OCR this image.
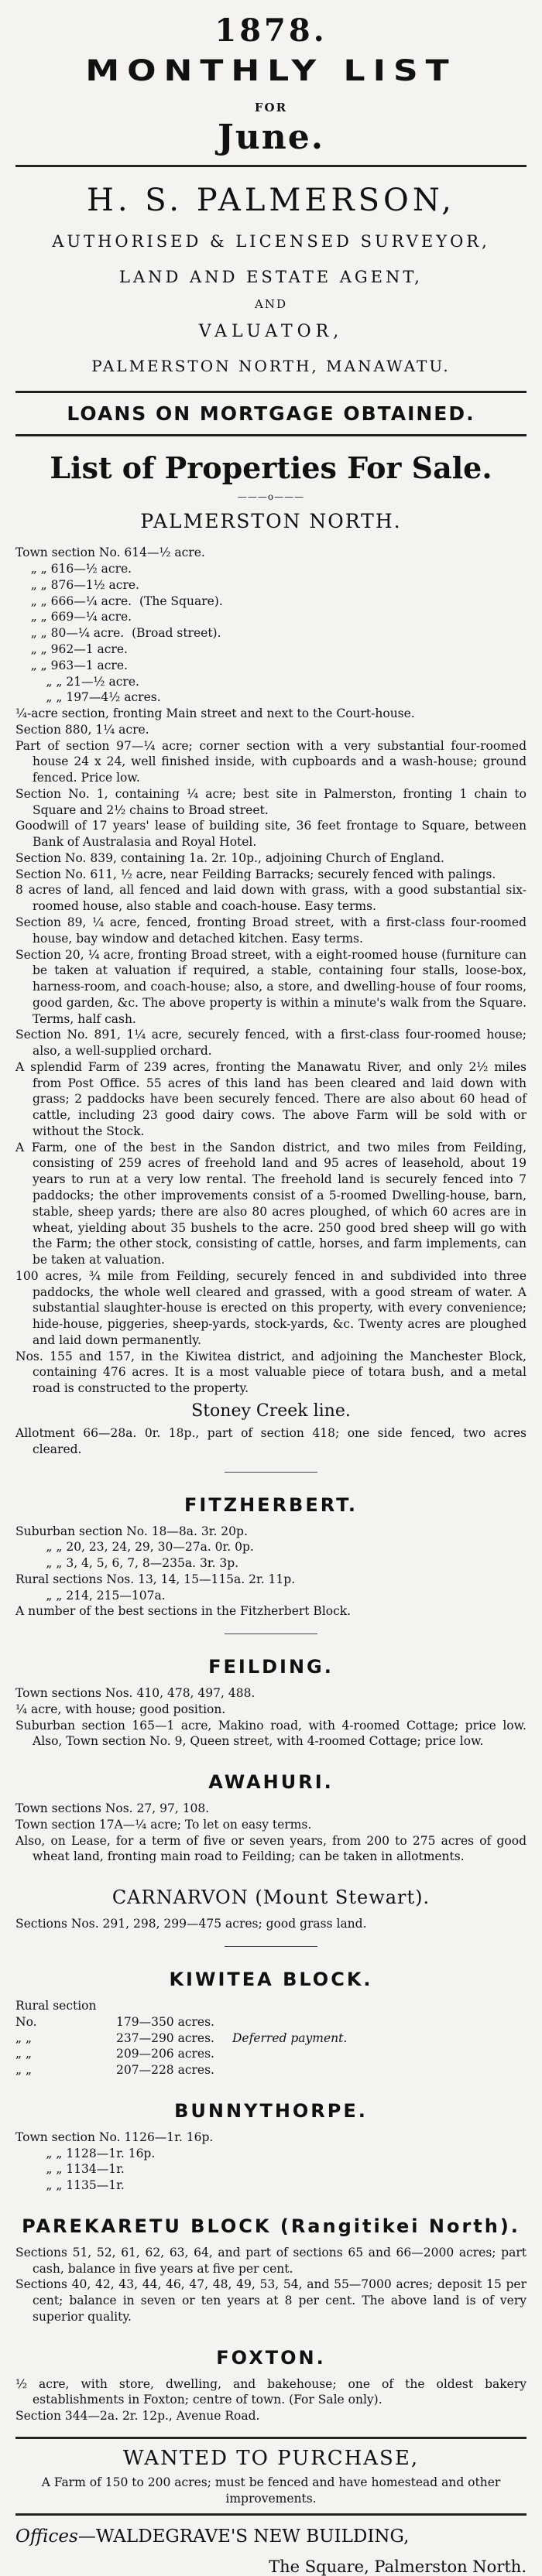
1878.

MONTHLY LIST

FOR

June.

H. S. PALMERSON,

AUTHORISED & LICENSED SURVEYOR,

LAND AND ESTATE AGENT,

AND

VALUATOR,

PALMERSTON NORTH, MANAWATU.

LOANS ON MORTGAGE OBTAINED.

List of Properties For Sale.

———o———

PALMERSTON NORTH.

Town section No. 614—½ acre.

„ „ 616—½ acre.

„ „ 876—1½ acre.

„ „ 666—¼ acre. (The Square).

„ „ 669—¼ acre.

„ „ 80—¼ acre. (Broad street).

„ „ 962—1 acre.

„ „ 963—1 acre.

„ „ 21—½ acre.

„ „ 197—4½ acres.

¼-acre section, fronting Main street and next to the Court-house.

Section 880, 1¼ acre.

Part of section 97—¼ acre; corner section with a very substantial four-roomed house 24 x 24, well finished inside, with cupboards and a wash-house; ground fenced. Price low.

Section No. 1, containing ¼ acre; best site in Palmerston, fronting 1 chain to Square and 2½ chains to Broad street.

Goodwill of 17 years' lease of building site, 36 feet frontage to Square, between Bank of Australasia and Royal Hotel.

Section No. 839, containing 1a. 2r. 10p., adjoining Church of England.

Section No. 611, ½ acre, near Feilding Barracks; securely fenced with palings.

8 acres of land, all fenced and laid down with grass, with a good substantial six-roomed house, also stable and coach-house. Easy terms.

Section 89, ¼ acre, fenced, fronting Broad street, with a first-class four-roomed house, bay window and detached kitchen. Easy terms.

Section 20, ¼ acre, fronting Broad street, with a eight-roomed house (furniture can be taken at valuation if required, a stable, containing four stalls, loose-box, harness-room, and coach-house; also, a store, and dwelling-house of four rooms, good garden, &c. The above property is within a minute's walk from the Square. Terms, half cash.

Section No. 891, 1¼ acre, securely fenced, with a first-class four-roomed house; also, a well-supplied orchard.

A splendid Farm of 239 acres, fronting the Manawatu River, and only 2½ miles from Post Office. 55 acres of this land has been cleared and laid down with grass; 2 paddocks have been securely fenced. There are also about 60 head of cattle, including 23 good dairy cows. The above Farm will be sold with or without the Stock.

A Farm, one of the best in the Sandon district, and two miles from Feilding, consisting of 259 acres of freehold land and 95 acres of leasehold, about 19 years to run at a very low rental. The freehold land is securely fenced into 7 paddocks; the other improvements consist of a 5-roomed Dwelling-house, barn, stable, sheep yards; there are also 80 acres ploughed, of which 60 acres are in wheat, yielding about 35 bushels to the acre. 250 good bred sheep will go with the Farm; the other stock, consisting of cattle, horses, and farm implements, can be taken at valuation.

100 acres, ¾ mile from Feilding, securely fenced in and subdivided into three paddocks, the whole well cleared and grassed, with a good stream of water. A substantial slaughter-house is erected on this property, with every convenience; hide-house, piggeries, sheep-yards, stock-yards, &c. Twenty acres are ploughed and laid down permanently.

Nos. 155 and 157, in the Kiwitea district, and adjoining the Manchester Block, containing 476 acres. It is a most valuable piece of totara bush, and a metal road is constructed to the property.

Stoney Creek line.

Allotment 66—28a. 0r. 18p., part of section 418; one side fenced, two acres cleared.

FITZHERBERT.

Suburban section No. 18—8a. 3r. 20p.

„ „ 20, 23, 24, 29, 30—27a. 0r. 0p.

„ „ 3, 4, 5, 6, 7, 8—235a. 3r. 3p.

Rural sections Nos. 13, 14, 15—115a. 2r. 11p.

„ „ 214, 215—107a.

A number of the best sections in the Fitzherbert Block.

FEILDING.

Town sections Nos. 410, 478, 497, 488.

¼ acre, with house; good position.

Suburban section 165—1 acre, Makino road, with 4-roomed Cottage; price low. Also, Town section No. 9, Queen street, with 4-roomed Cottage; price low.

AWAHURI.

Town sections Nos. 27, 97, 108.

Town section 17A—¼ acre; To let on easy terms.

Also, on Lease, for a term of five or seven years, from 200 to 275 acres of good wheat land, fronting main road to Feilding; can be taken in allotments.

CARNARVON (Mount Stewart).

Sections Nos. 291, 298, 299—475 acres; good grass land.

KIWITEA BLOCK.

Rural section No.	179—350 acres.

„ „	237—290 acres. Deferred payment.

„ „	209—206 acres.

„ „	207—228 acres.

BUNNYTHORPE.

Town section No. 1126—1r. 16p.

„ „ 1128—1r. 16p.

„ „ 1134—1r.

„ „ 1135—1r.

PAREKARETU BLOCK (Rangitikei North).

Sections 51, 52, 61, 62, 63, 64, and part of sections 65 and 66—2000 acres; part cash, balance in five years at five per cent.

Sections 40, 42, 43, 44, 46, 47, 48, 49, 53, 54, and 55—7000 acres; deposit 15 per cent; balance in seven or ten years at 8 per cent. The above land is of very superior quality.

FOXTON.

½ acre, with store, dwelling, and bakehouse; one of the oldest bakery establishments in Foxton; centre of town. (For Sale only).

Section 344—2a. 2r. 12p., Avenue Road.

WANTED TO PURCHASE,

A Farm of 150 to 200 acres; must be fenced and have homestead and other improvements.

Offices—WALDEGRAVE'S NEW BUILDING,

The Square, Palmerston North.
